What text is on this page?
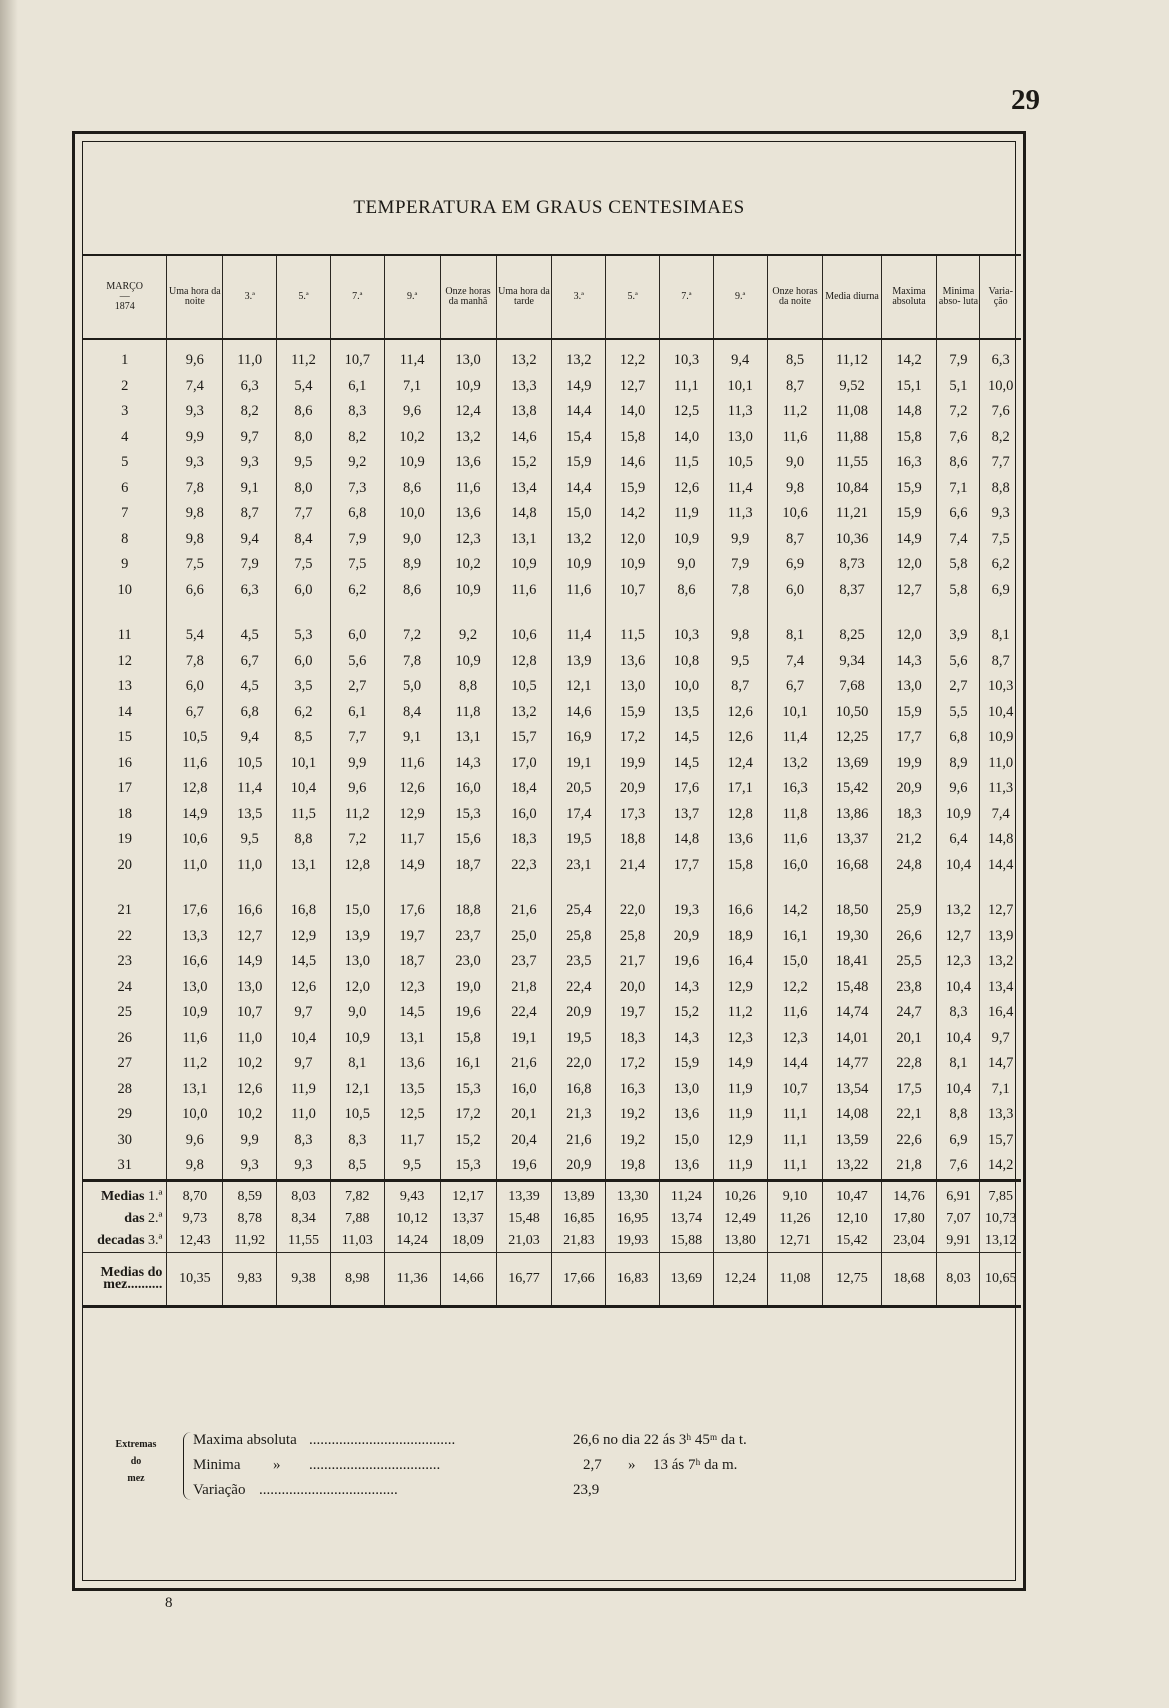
29
TEMPERATURA EM GRAUS CENTESIMAES
MARÇO
—
1874	Uma hora da noite	3.ª	5.ª	7.ª	9.ª	Onze horas da manhã	Uma hora da tarde	3.ª	5.ª	7.ª	9.ª	Onze horas da noite	Media diurna	Maxima absoluta	Minima abso- luta	Varia- ção
1	9,6	11,0	11,2	10,7	11,4	13,0	13,2	13,2	12,2	10,3	9,4	8,5	11,12	14,2	7,9	6,3
2	7,4	6,3	5,4	6,1	7,1	10,9	13,3	14,9	12,7	11,1	10,1	8,7	9,52	15,1	5,1	10,0
3	9,3	8,2	8,6	8,3	9,6	12,4	13,8	14,4	14,0	12,5	11,3	11,2	11,08	14,8	7,2	7,6
4	9,9	9,7	8,0	8,2	10,2	13,2	14,6	15,4	15,8	14,0	13,0	11,6	11,88	15,8	7,6	8,2
5	9,3	9,3	9,5	9,2	10,9	13,6	15,2	15,9	14,6	11,5	10,5	9,0	11,55	16,3	8,6	7,7
6	7,8	9,1	8,0	7,3	8,6	11,6	13,4	14,4	15,9	12,6	11,4	9,8	10,84	15,9	7,1	8,8
7	9,8	8,7	7,7	6,8	10,0	13,6	14,8	15,0	14,2	11,9	11,3	10,6	11,21	15,9	6,6	9,3
8	9,8	9,4	8,4	7,9	9,0	12,3	13,1	13,2	12,0	10,9	9,9	8,7	10,36	14,9	7,4	7,5
9	7,5	7,9	7,5	7,5	8,9	10,2	10,9	10,9	10,9	9,0	7,9	6,9	8,73	12,0	5,8	6,2
10	6,6	6,3	6,0	6,2	8,6	10,9	11,6	11,6	10,7	8,6	7,8	6,0	8,37	12,7	5,8	6,9

11	5,4	4,5	5,3	6,0	7,2	9,2	10,6	11,4	11,5	10,3	9,8	8,1	8,25	12,0	3,9	8,1
12	7,8	6,7	6,0	5,6	7,8	10,9	12,8	13,9	13,6	10,8	9,5	7,4	9,34	14,3	5,6	8,7
13	6,0	4,5	3,5	2,7	5,0	8,8	10,5	12,1	13,0	10,0	8,7	6,7	7,68	13,0	2,7	10,3
14	6,7	6,8	6,2	6,1	8,4	11,8	13,2	14,6	15,9	13,5	12,6	10,1	10,50	15,9	5,5	10,4
15	10,5	9,4	8,5	7,7	9,1	13,1	15,7	16,9	17,2	14,5	12,6	11,4	12,25	17,7	6,8	10,9
16	11,6	10,5	10,1	9,9	11,6	14,3	17,0	19,1	19,9	14,5	12,4	13,2	13,69	19,9	8,9	11,0
17	12,8	11,4	10,4	9,6	12,6	16,0	18,4	20,5	20,9	17,6	17,1	16,3	15,42	20,9	9,6	11,3
18	14,9	13,5	11,5	11,2	12,9	15,3	16,0	17,4	17,3	13,7	12,8	11,8	13,86	18,3	10,9	7,4
19	10,6	9,5	8,8	7,2	11,7	15,6	18,3	19,5	18,8	14,8	13,6	11,6	13,37	21,2	6,4	14,8
20	11,0	11,0	13,1	12,8	14,9	18,7	22,3	23,1	21,4	17,7	15,8	16,0	16,68	24,8	10,4	14,4

21	17,6	16,6	16,8	15,0	17,6	18,8	21,6	25,4	22,0	19,3	16,6	14,2	18,50	25,9	13,2	12,7
22	13,3	12,7	12,9	13,9	19,7	23,7	25,0	25,8	25,8	20,9	18,9	16,1	19,30	26,6	12,7	13,9
23	16,6	14,9	14,5	13,0	18,7	23,0	23,7	23,5	21,7	19,6	16,4	15,0	18,41	25,5	12,3	13,2
24	13,0	13,0	12,6	12,0	12,3	19,0	21,8	22,4	20,0	14,3	12,9	12,2	15,48	23,8	10,4	13,4
25	10,9	10,7	9,7	9,0	14,5	19,6	22,4	20,9	19,7	15,2	11,2	11,6	14,74	24,7	8,3	16,4
26	11,6	11,0	10,4	10,9	13,1	15,8	19,1	19,5	18,3	14,3	12,3	12,3	14,01	20,1	10,4	9,7
27	11,2	10,2	9,7	8,1	13,6	16,1	21,6	22,0	17,2	15,9	14,9	14,4	14,77	22,8	8,1	14,7
28	13,1	12,6	11,9	12,1	13,5	15,3	16,0	16,8	16,3	13,0	11,9	10,7	13,54	17,5	10,4	7,1
29	10,0	10,2	11,0	10,5	12,5	17,2	20,1	21,3	19,2	13,6	11,9	11,1	14,08	22,1	8,8	13,3
30	9,6	9,9	8,3	8,3	11,7	15,2	20,4	21,6	19,2	15,0	12,9	11,1	13,59	22,6	6,9	15,7
31	9,8	9,3	9,3	8,5	9,5	15,3	19,6	20,9	19,8	13,6	11,9	11,1	13,22	21,8	7,6	14,2
Medias 1.ª	8,70	8,59	8,03	7,82	9,43	12,17	13,39	13,89	13,30	11,24	10,26	9,10	10,47	14,76	6,91	7,85
das 2.ª	9,73	8,78	8,34	7,88	10,12	13,37	15,48	16,85	16,95	13,74	12,49	11,26	12,10	17,80	7,07	10,73
decadas 3.ª	12,43	11,92	11,55	11,03	14,24	18,09	21,03	21,83	19,93	15,88	13,80	12,71	15,42	23,04	9,91	13,12

Medias do
mez..........	10,35	9,83	9,38	8,98	11,36	14,66	16,77	17,66	16,83	13,69	12,24	11,08	12,75	18,68	8,03	10,65
Extremas
do
mez
Maxima absoluta .......................................	26,6 no dia 22 ás 3ʰ 45ᵐ da t.
Minima » ...................................	2,7 » 13 ás 7ʰ da m.
Variação .....................................	23,9
8
